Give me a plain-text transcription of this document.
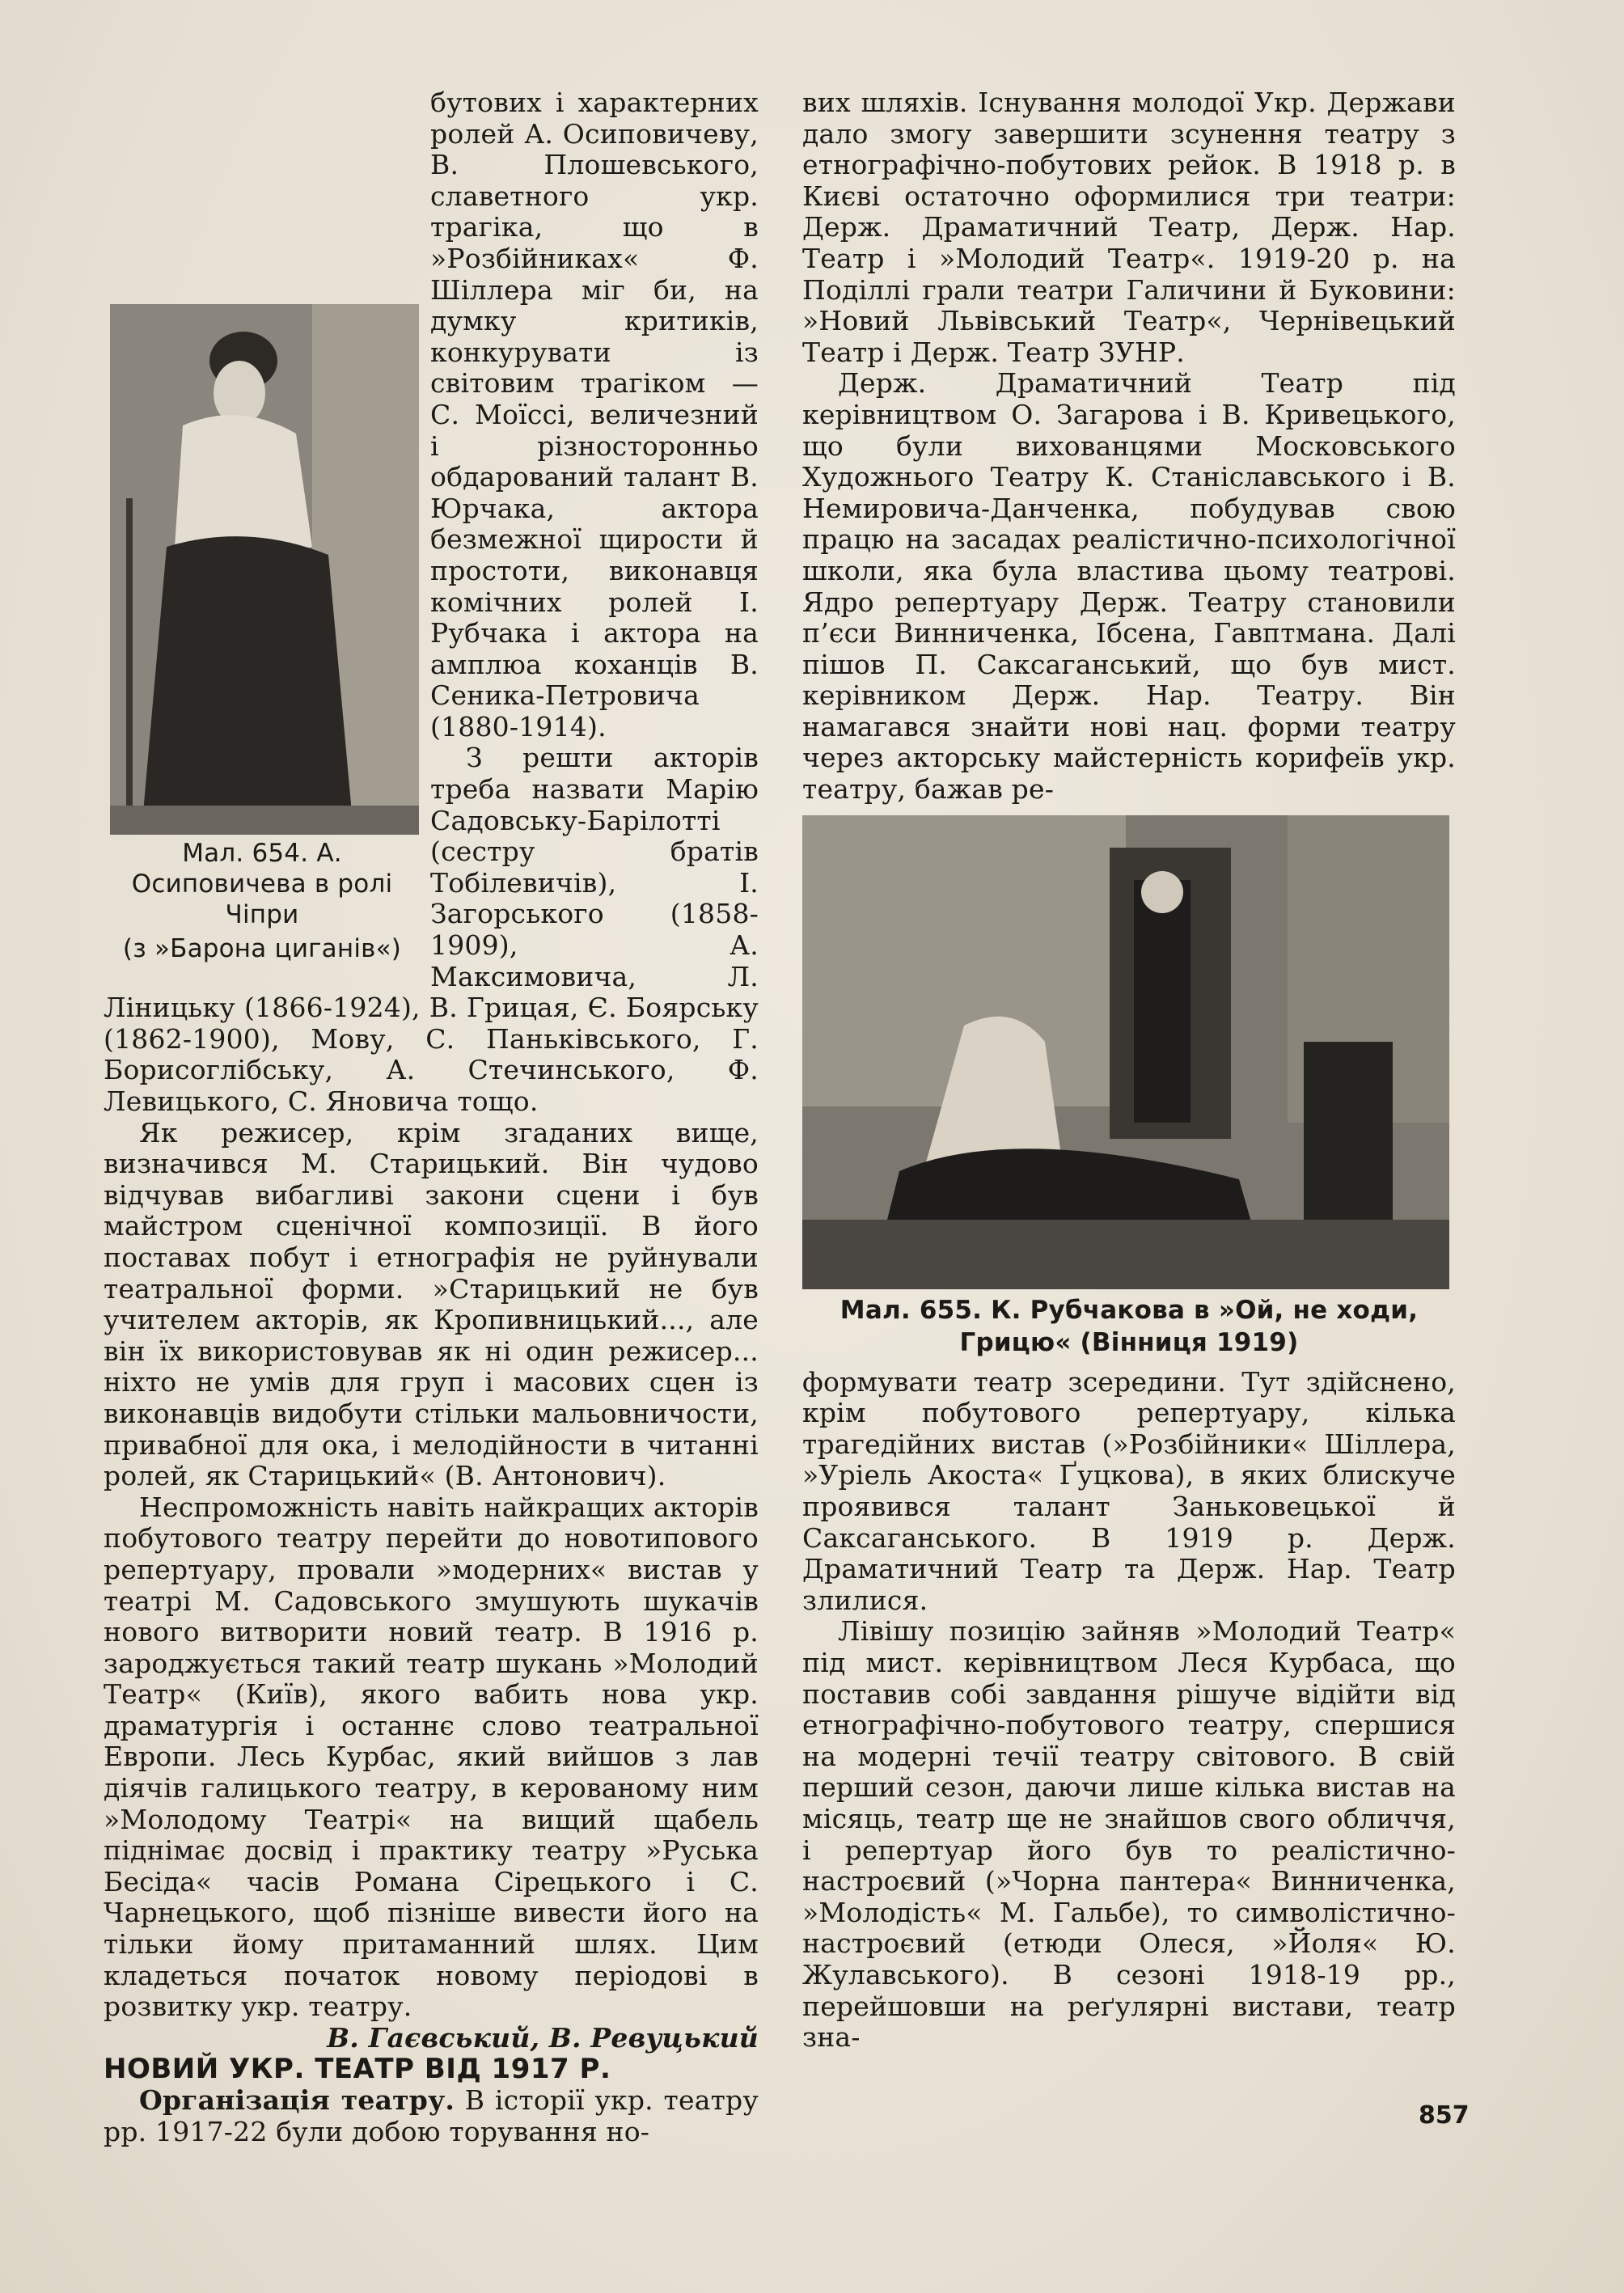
Мал. 654. А. Осиповичева в ролі Чіпри
(з »Барона циганів«)

бутових і характерних ролей А. Осиповичеву, В. Плошевського, славетного укр. трагіка, що в »Розбійниках« Ф. Шіллера міг би, на думку критиків, конкурувати із світовим трагіком — С. Моїссі, величезний і різносторонньо обдарований талант В. Юрчака, актора безмежної щирости й простоти, виконавця комічних ролей І. Рубчака і актора на амплюа коханців В. Сеника-Петровича (1880-1914).

З решти акторів треба назвати Марію Садовську-Барілотті (сестру братів Тобілевичів), І. Загорського (1858-1909), А. Максимовича, Л. Ліницьку (1866-1924), В. Грицая, Є. Боярську (1862-1900), Мову, С. Паньківського, Г. Борисоглібську, А. Стечинського, Ф. Левицького, С. Яновича тощо.

Як режисер, крім згаданих вище, визначився М. Старицький. Він чудово відчував вибагливі закони сцени і був майстром сценічної композиції. В його поставах побут і етнографія не руйнували театральної форми. »Старицький не був учителем акторів, як Кропивницький..., але він їх використовував як ні один режисер... ніхто не умів для груп і масових сцен із виконавців видобути стільки мальовничости, привабної для ока, і мелодійности в читанні ролей, як Старицький« (В. Антонович).

Неспроможність навіть найкращих акторів побутового театру перейти до новотипового репертуару, провали »модерних« вистав у театрі М. Садовського змушують шукачів нового витворити новий театр. В 1916 р. зароджується такий театр шукань »Молодий Театр« (Київ), якого вабить нова укр. драматургія і останнє слово театральної Европи. Лесь Курбас, який вийшов з лав діячів галицького театру, в керованому ним »Молодому Театрі« на вищий щабель піднімає досвід і практику театру »Руська Бесіда« часів Романа Сірецького і С. Чарнецького, щоб пізніше вивести його на тільки йому притаманний шлях. Цим кладеться початок новому періодові в розвитку укр. театру.

В. Гаєвський, В. Ревуцький

НОВИЙ УКР. ТЕАТР ВІД 1917 Р.

Організація театру. В історії укр. театру рр. 1917-22 були добою торування но-

вих шляхів. Існування молодої Укр. Держави дало змогу завершити зсунення театру з етнографічно-побутових рейок. В 1918 р. в Києві остаточно оформилися три театри: Держ. Драматичний Театр, Держ. Нар. Театр і »Молодий Театр«. 1919-20 р. на Поділлі грали театри Галичини й Буковини: »Новий Львівський Театр«, Чернівецький Театр і Держ. Театр ЗУНР.

Держ. Драматичний Театр під керівництвом О. Загарова і В. Кривецького, що були вихованцями Московського Художнього Театру К. Станіславського і В. Немировича-Данченка, побудував свою працю на засадах реалістично-психологічної школи, яка була властива цьому театрові. Ядро репертуару Держ. Театру становили п’єси Винниченка, Ібсена, Гавптмана. Далі пішов П. Саксаганський, що був мист. керівником Держ. Нар. Театру. Він намагався знайти нові нац. форми театру через акторську майстерність корифеїв укр. театру, бажав ре-

Мал. 655. К. Рубчакова в »Ой, не ходи, Грицю« (Вінниця 1919)

формувати театр зсередини. Тут здійснено, крім побутового репертуару, кілька трагедійних вистав (»Розбійники« Шіллера, »Уріель Акоста« Ґуцкова), в яких блискуче проявився талант Заньковецької й Саксаганського. В 1919 р. Держ. Драматичний Театр та Держ. Нар. Театр злилися.

Лівішу позицію зайняв »Молодий Театр« під мист. керівництвом Леся Курбаса, що поставив собі завдання рішуче відійти від етнографічно-побутового театру, спершися на модерні течії театру світового. В свій перший сезон, даючи лише кілька вистав на місяць, театр ще не знайшов свого обличчя, і репертуар його був то реалістично-настроєвий (»Чорна пантера« Винниченка, »Молодість« М. Гальбе), то символістично-настроєвий (етюди Олеся, »Йоля« Ю. Жулавського). В сезоні 1918-19 рр., перейшовши на реґулярні вистави, театр зна-

857
